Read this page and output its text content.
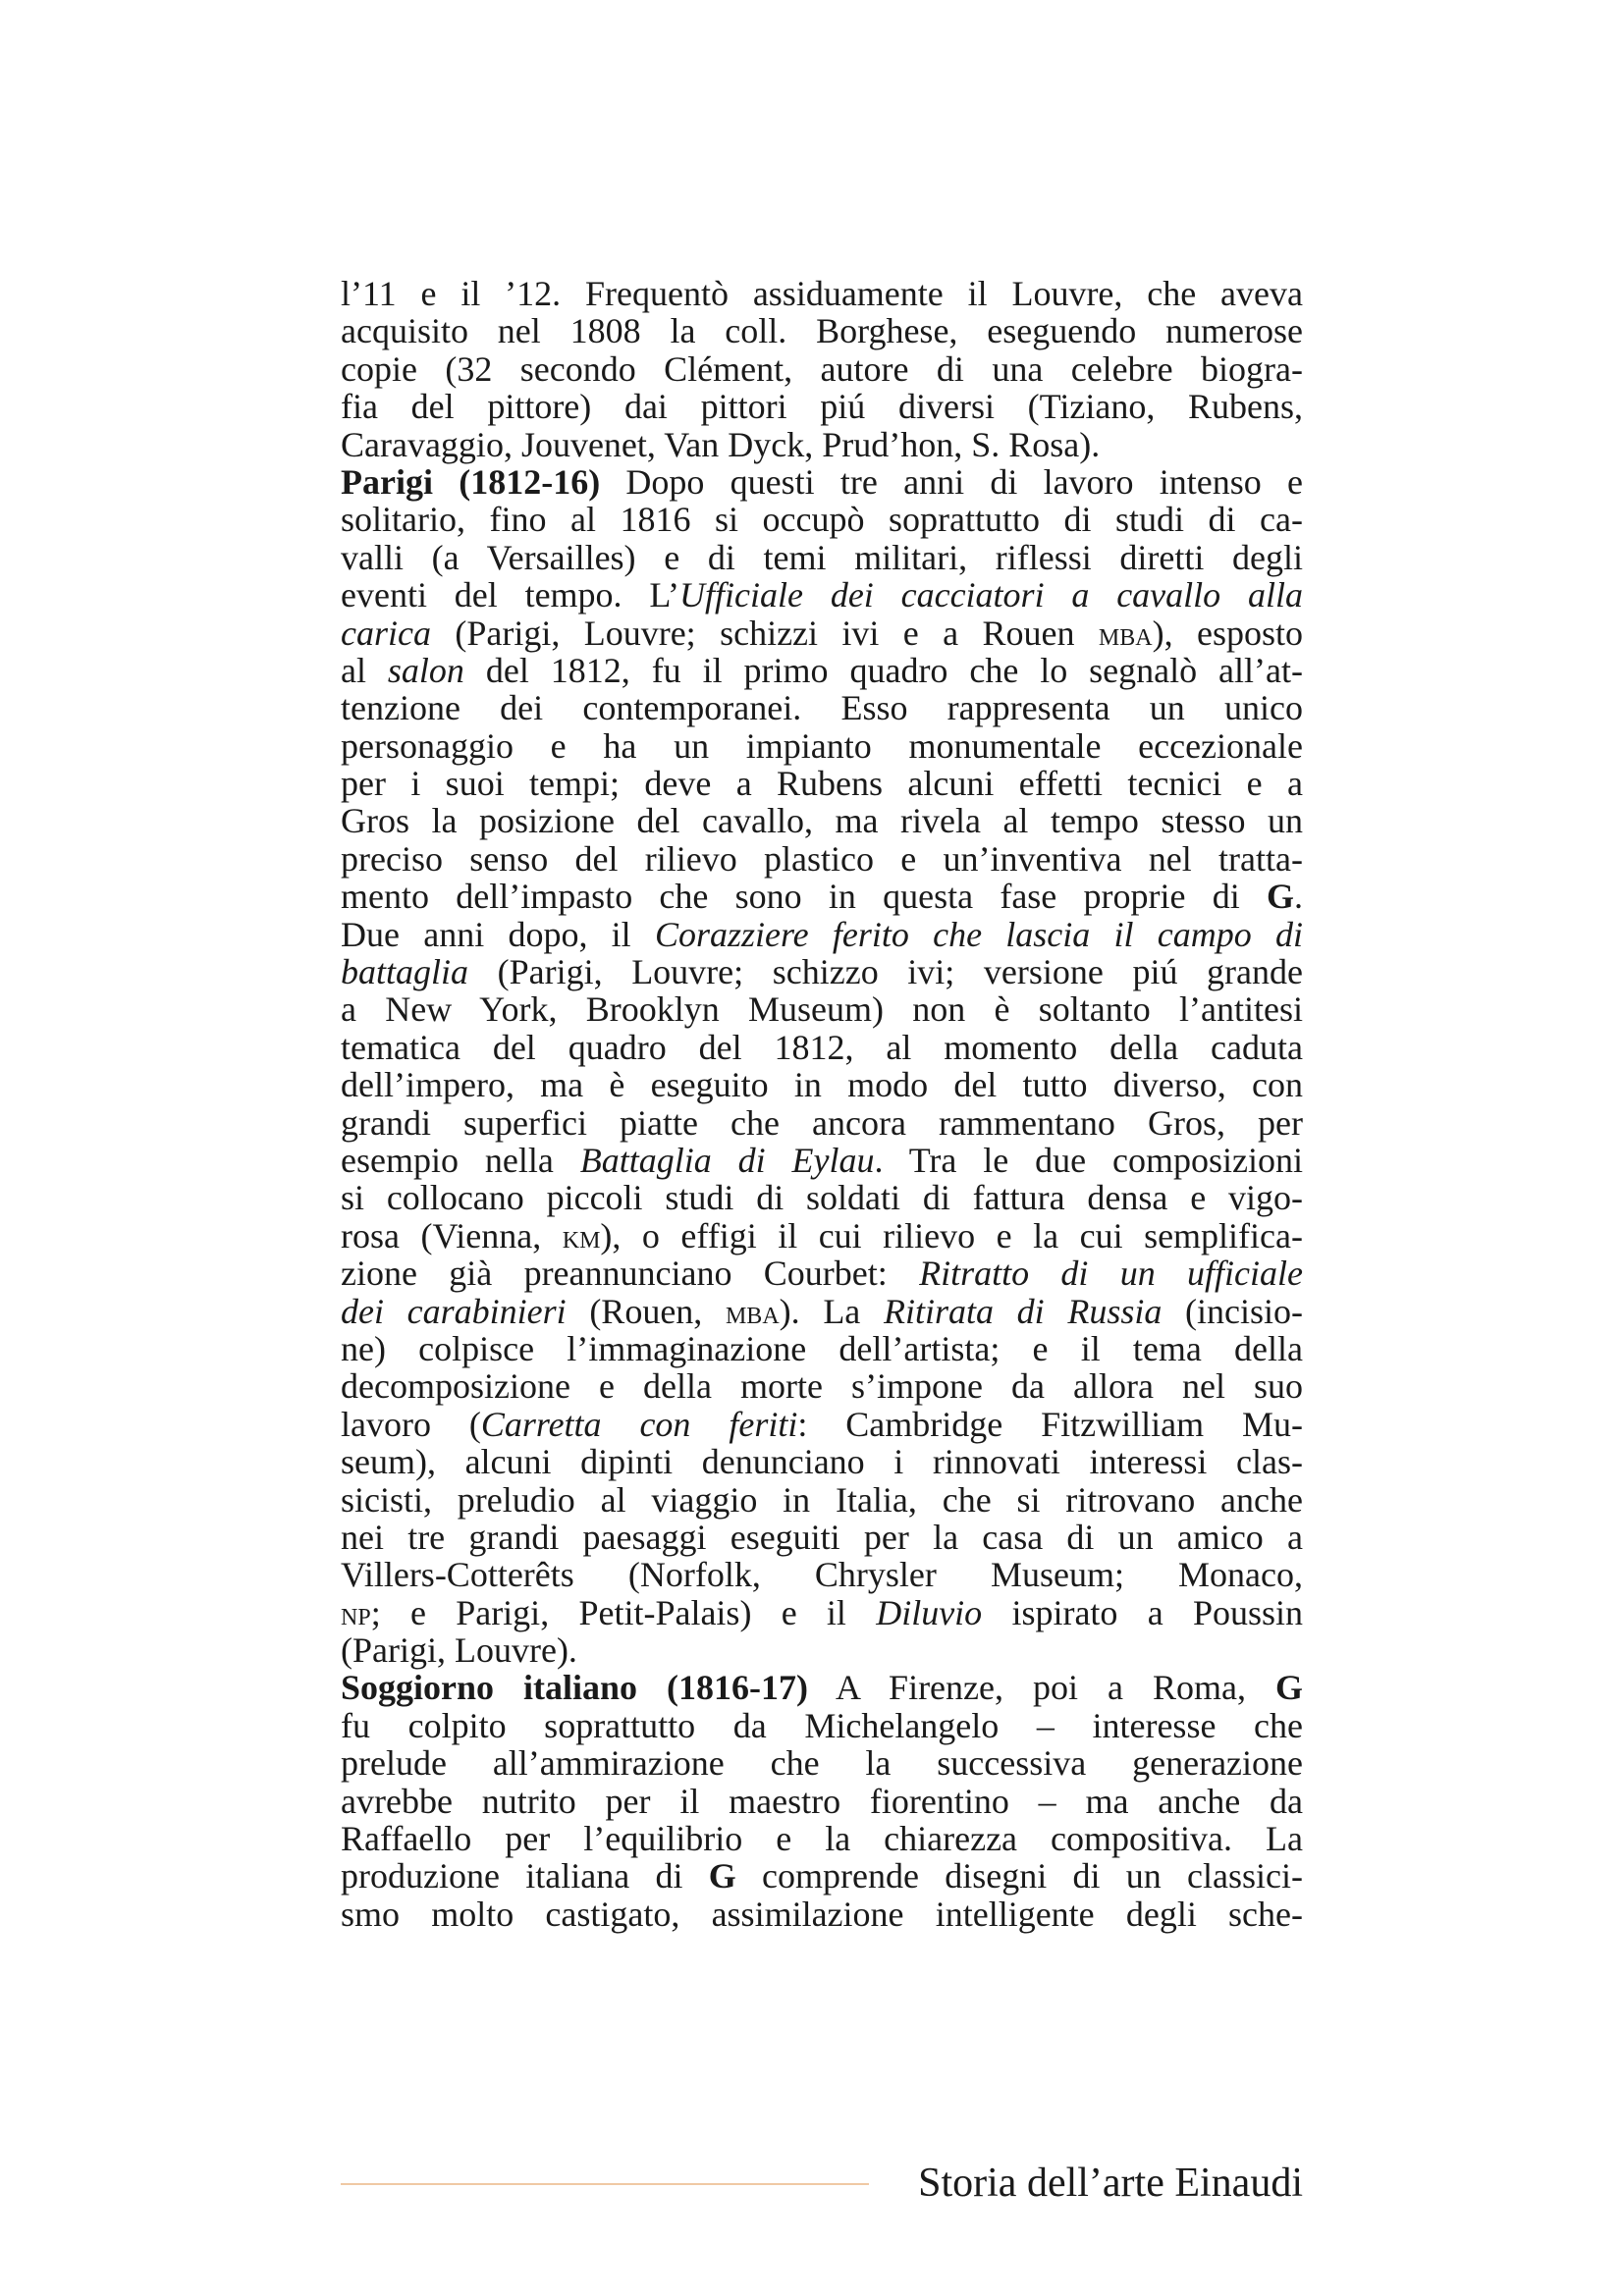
l’11 e il ’12. Frequentò assiduamente il Louvre, che aveva
acquisito nel 1808 la coll. Borghese, eseguendo numerose
copie (32 secondo Clément, autore di una celebre biogra-
fia del pittore) dai pittori piú diversi (Tiziano, Rubens,
Caravaggio, Jouvenet, Van Dyck, Prud’hon, S. Rosa).
Parigi (1812-16) Dopo questi tre anni di lavoro intenso e
solitario, fino al 1816 si occupò soprattutto di studi di ca-
valli (a Versailles) e di temi militari, riflessi diretti degli
eventi del tempo. L’Ufficiale dei cacciatori a cavallo alla
carica (Parigi, Louvre; schizzi ivi e a Rouen mba), esposto
al salon del 1812, fu il primo quadro che lo segnalò all’at-
tenzione dei contemporanei. Esso rappresenta un unico
personaggio e ha un impianto monumentale eccezionale
per i suoi tempi; deve a Rubens alcuni effetti tecnici e a
Gros la posizione del cavallo, ma rivela al tempo stesso un
preciso senso del rilievo plastico e un’inventiva nel tratta-
mento dell’impasto che sono in questa fase proprie di G.
Due anni dopo, il Corazziere ferito che lascia il campo di
battaglia (Parigi, Louvre; schizzo ivi; versione piú grande
a New York, Brooklyn Museum) non è soltanto l’antitesi
tematica del quadro del 1812, al momento della caduta
dell’impero, ma è eseguito in modo del tutto diverso, con
grandi superfici piatte che ancora rammentano Gros, per
esempio nella Battaglia di Eylau. Tra le due composizioni
si collocano piccoli studi di soldati di fattura densa e vigo-
rosa (Vienna, km), o effigi il cui rilievo e la cui semplifica-
zione già preannunciano Courbet: Ritratto di un ufficiale
dei carabinieri (Rouen, mba). La Ritirata di Russia (incisio-
ne) colpisce l’immaginazione dell’artista; e il tema della
decomposizione e della morte s’impone da allora nel suo
lavoro (Carretta con feriti: Cambridge Fitzwilliam Mu-
seum), alcuni dipinti denunciano i rinnovati interessi clas-
sicisti, preludio al viaggio in Italia, che si ritrovano anche
nei tre grandi paesaggi eseguiti per la casa di un amico a
Villers-Cotterêts (Norfolk, Chrysler Museum; Monaco,
np; e Parigi, Petit-Palais) e il Diluvio ispirato a Poussin
(Parigi, Louvre).
Soggiorno italiano (1816-17) A Firenze, poi a Roma, G
fu colpito soprattutto da Michelangelo – interesse che
prelude all’ammirazione che la successiva generazione
avrebbe nutrito per il maestro fiorentino – ma anche da
Raffaello per l’equilibrio e la chiarezza compositiva. La
produzione italiana di G comprende disegni di un classici-
smo molto castigato, assimilazione intelligente degli sche-
Storia dell’arte Einaudi
